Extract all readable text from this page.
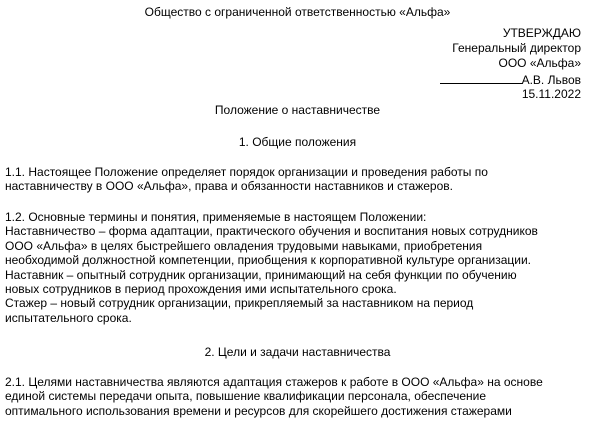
Общество с ограниченной ответственностью «Альфа»
УТВЕРЖДАЮ
Генеральный директор
ООО «Альфа»
А.В. Львов
15.11.2022
Положение о наставничестве
1. Общие положения
1.1. Настоящее Положение определяет порядок организации и проведения работы по
наставничеству в ООО «Альфа», права и обязанности наставников и стажеров.
1.2. Основные термины и понятия, применяемые в настоящем Положении:
Наставничество – форма адаптации, практического обучения и воспитания новых сотрудников
ООО «Альфа» в целях быстрейшего овладения трудовыми навыками, приобретения
необходимой должностной компетенции, приобщения к корпоративной культуре организации.
Наставник – опытный сотрудник организации, принимающий на себя функции по обучению
новых сотрудников в период прохождения ими испытательного срока.
Стажер – новый сотрудник организации, прикрепляемый за наставником на период
испытательного срока.
2. Цели и задачи наставничества
2.1. Целями наставничества являются адаптация стажеров к работе в ООО «Альфа» на основе
единой системы передачи опыта, повышение квалификации персонала, обеспечение
оптимального использования времени и ресурсов для скорейшего достижения стажерами
